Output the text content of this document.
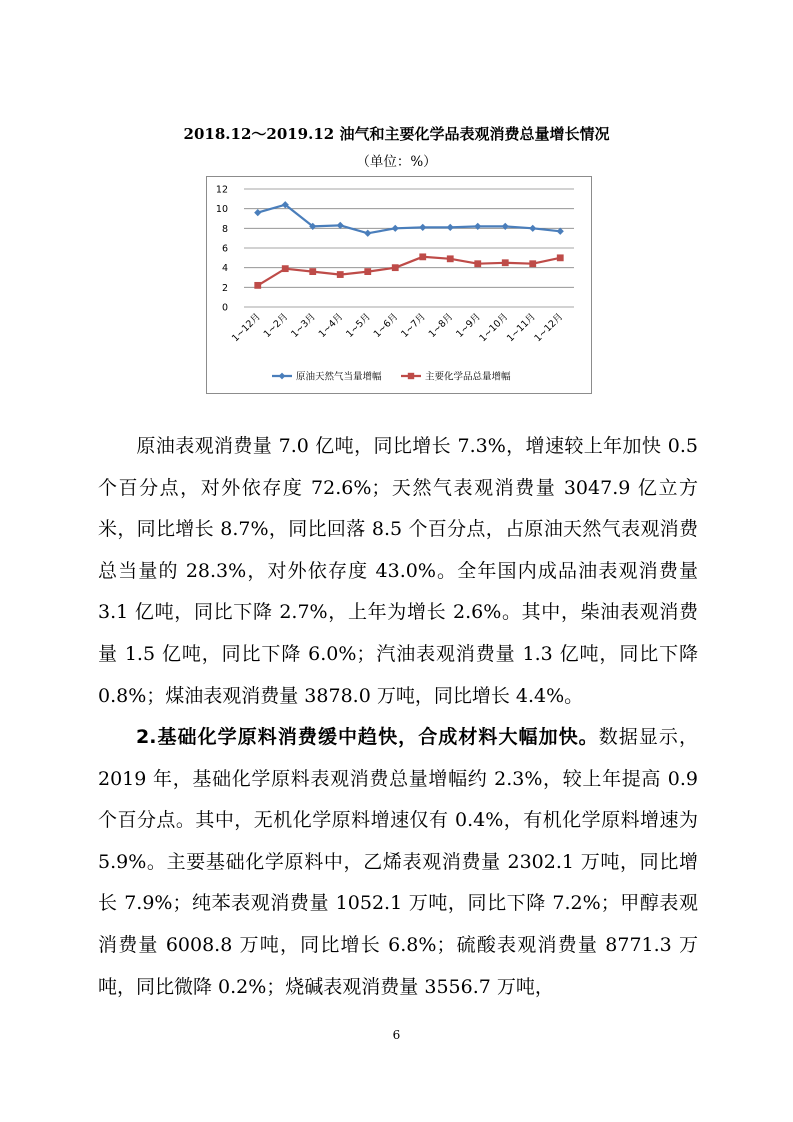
2018.12～2019.12 油气和主要化学品表观消费总量增长情况
（单位：%）
0
2
4
6
8
10
12
1~12月
1~2月
1~3月
1~4月
1~5月
1~6月
1~7月
1~8月
1~9月
1~10月
1~11月
1~12月
原油天然气当量增幅	主要化学品总量增幅

原油表观消费量 7.0 亿吨，同比增长 7.3%，增速较上年加快 0.5 个百分点，对外依存度 72.6%；天然气表观消费量 3047.9 亿立方米，同比增长 8.7%，同比回落 8.5 个百分点，占原油天然气表观消费总当量的 28.3%，对外依存度 43.0%。全年国内成品油表观消费量 3.1 亿吨，同比下降 2.7%，上年为增长 2.6%。其中，柴油表观消费量 1.5 亿吨，同比下降 6.0%；汽油表观消费量 1.3 亿吨，同比下降 0.8%；煤油表观消费量 3878.0 万吨，同比增长 4.4%。

2.基础化学原料消费缓中趋快，合成材料大幅加快。数据显示，2019 年，基础化学原料表观消费总量增幅约 2.3%，较上年提高 0.9 个百分点。其中，无机化学原料增速仅有 0.4%，有机化学原料增速为 5.9%。主要基础化学原料中，乙烯表观消费量 2302.1 万吨，同比增长 7.9%；纯苯表观消费量 1052.1 万吨，同比下降 7.2%；甲醇表观消费量 6008.8 万吨，同比增长 6.8%；硫酸表观消费量 8771.3 万吨，同比微降 0.2%；烧碱表观消费量 3556.7 万吨，

6
